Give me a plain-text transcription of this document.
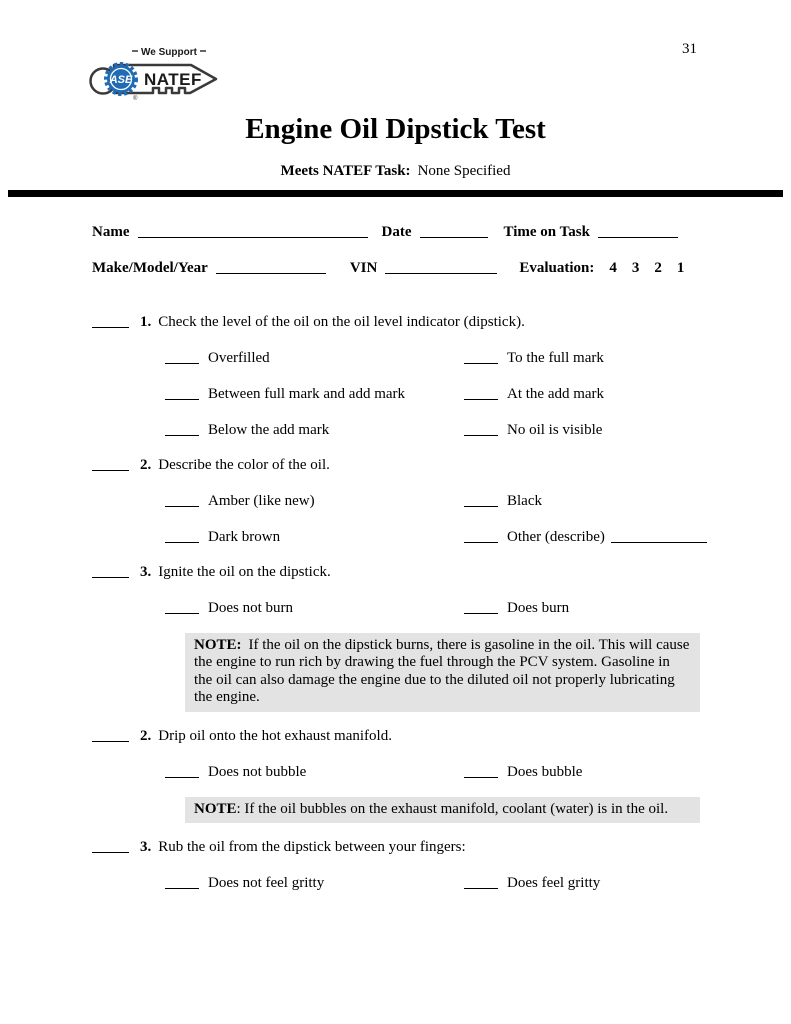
31
We Support
NATEF
ASE
®
Engine Oil Dipstick Test
Meets NATEF Task: None Specified
Name	Date	Time on Task
Make/Model/Year	VIN	Evaluation: 4 3 2 1
1. Check the level of the oil on the oil level indicator (dipstick).
Overfilled	To the full mark
Between full mark and add mark	At the add mark
Below the add mark	No oil is visible
2. Describe the color of the oil.
Amber (like new)	Black
Dark brown	Other (describe)
3. Ignite the oil on the dipstick.
Does not burn	Does burn
NOTE: If the oil on the dipstick burns, there is gasoline in the oil. This will cause the engine to run rich by drawing the fuel through the PCV system. Gasoline in the oil can also damage the engine due to the diluted oil not properly lubricating the engine.
2. Drip oil onto the hot exhaust manifold.
Does not bubble	Does bubble
NOTE: If the oil bubbles on the exhaust manifold, coolant (water) is in the oil.
3. Rub the oil from the dipstick between your fingers:
Does not feel gritty	Does feel gritty
